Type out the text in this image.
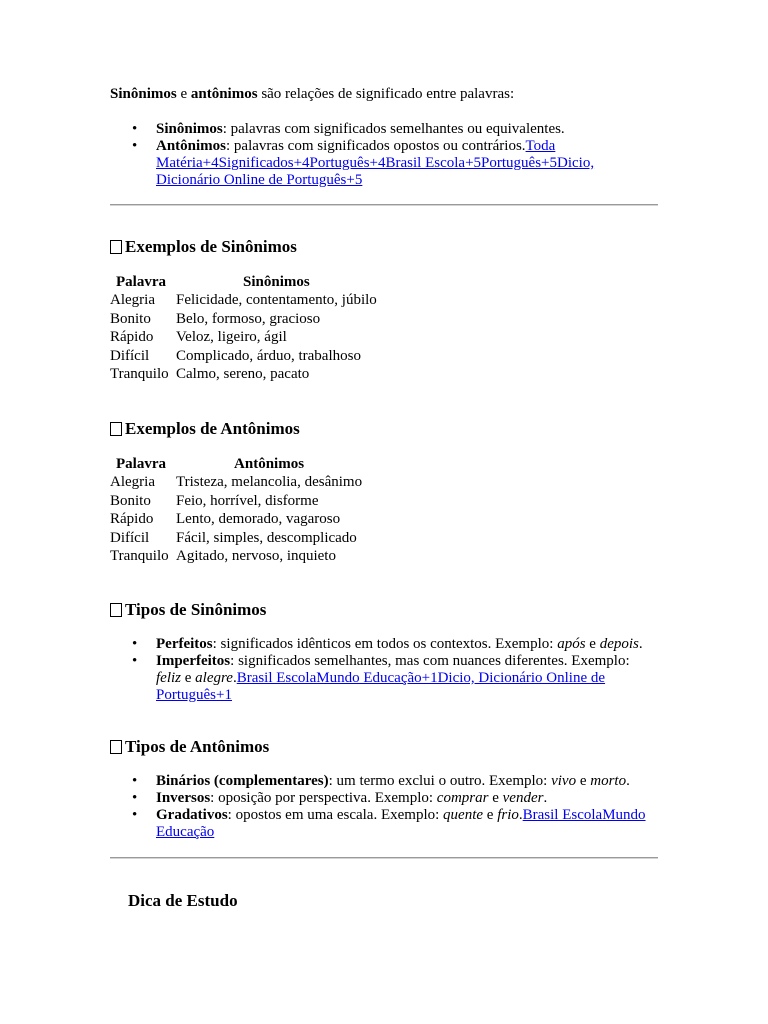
Sinônimos e antônimos são relações de significado entre palavras:
• Sinônimos: palavras com significados semelhantes ou equivalentes.
• Antônimos: palavras com significados opostos ou contrários.Toda Matéria+4Significados+4Português+4Brasil Escola+5Português+5Dicio, Dicionário Online de Português+5
Exemplos de Sinônimos
Palavra	Sinônimos
Alegria	Felicidade, contentamento, júbilo
Bonito	Belo, formoso, gracioso
Rápido	Veloz, ligeiro, ágil
Difícil	Complicado, árduo, trabalhoso
Tranquilo	Calmo, sereno, pacato
Exemplos de Antônimos
Palavra	Antônimos
Alegria	Tristeza, melancolia, desânimo
Bonito	Feio, horrível, disforme
Rápido	Lento, demorado, vagaroso
Difícil	Fácil, simples, descomplicado
Tranquilo	Agitado, nervoso, inquieto
Tipos de Sinônimos
• Perfeitos: significados idênticos em todos os contextos. Exemplo: após e depois.
• Imperfeitos: significados semelhantes, mas com nuances diferentes. Exemplo: feliz e alegre.Brasil EscolaMundo Educação+1Dicio, Dicionário Online de Português+1
Tipos de Antônimos
• Binários (complementares): um termo exclui o outro. Exemplo: vivo e morto.
• Inversos: oposição por perspectiva. Exemplo: comprar e vender.
• Gradativos: opostos em uma escala. Exemplo: quente e frio.Brasil EscolaMundo Educação
Dica de Estudo
